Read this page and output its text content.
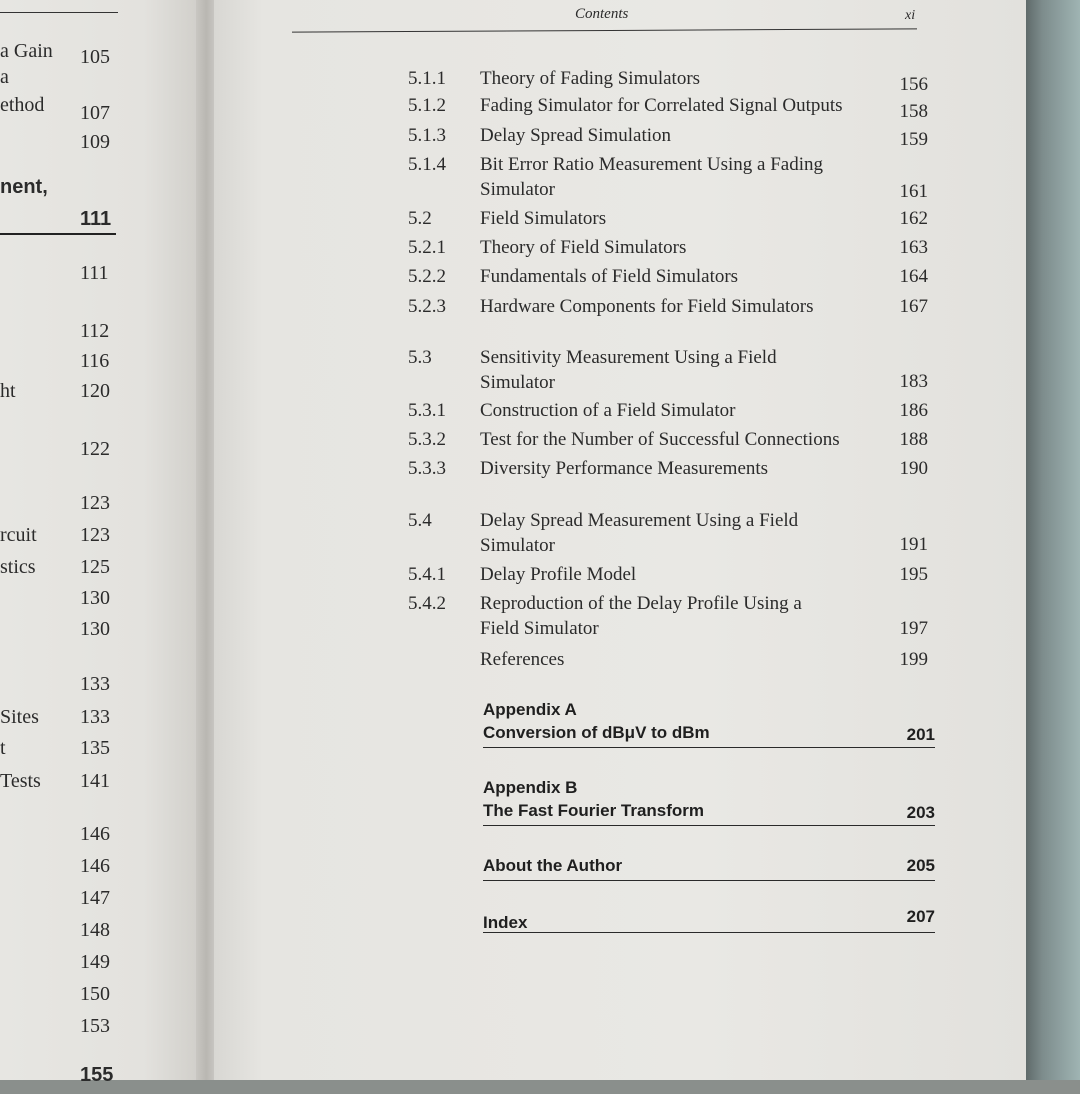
a Gain 105
a
ethod 107
109
nent,
111
111
112
116
ht	120
122
123
rcuit 123
stics 125
130
130
133
Sites 133
t	135
Tests 141
146
146
147
148
149
150
153
155
Contents	xi
5.1.1 Theory of Fading Simulators	156
5.1.2 Fading Simulator for Correlated Signal Outputs	158
5.1.3 Delay Spread Simulation	159
5.1.4 Bit Error Ratio Measurement Using a Fading Simulator	161
5.2	Field Simulators	162
5.2.1 Theory of Field Simulators	163
5.2.2 Fundamentals of Field Simulators	164
5.2.3 Hardware Components for Field Simulators	167
5.3	Sensitivity Measurement Using a Field Simulator	183
5.3.1 Construction of a Field Simulator	186
5.3.2 Test for the Number of Successful Connections	188
5.3.3 Diversity Performance Measurements	190
5.4	Delay Spread Measurement Using a Field Simulator	191
5.4.1 Delay Profile Model	195
5.4.2 Reproduction of the Delay Profile Using a Field Simulator	197
References	199
Appendix A
Conversion of dBμV to dBm	201
Appendix B
The Fast Fourier Transform	203
About the Author	205
Index	207
